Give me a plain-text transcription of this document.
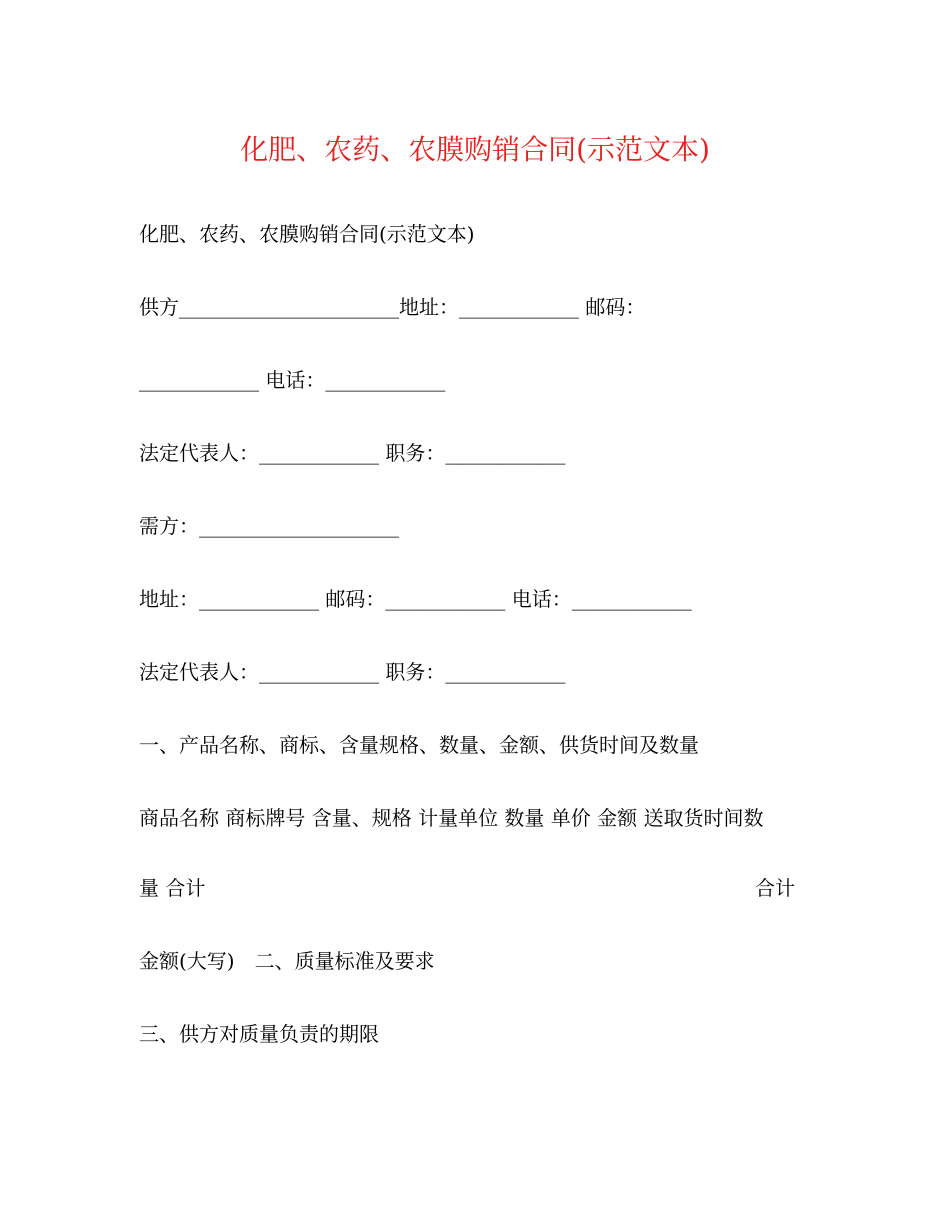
化肥、农药、农膜购销合同(示范文本)
化肥、农药、农膜购销合同(示范文本)
供方______________________地址：____________ 邮码：
____________ 电话：____________
法定代表人：____________ 职务：____________
需方：____________________
地址：____________ 邮码：____________ 电话：____________
法定代表人：____________ 职务：____________
一、产品名称、商标、含量规格、数量、金额、供货时间及数量
商品名称 商标牌号 含量、规格 计量单位 数量 单价 金额 送取货时间数
量 合计	合计
金额(大写)　二、质量标准及要求
三、供方对质量负责的期限
